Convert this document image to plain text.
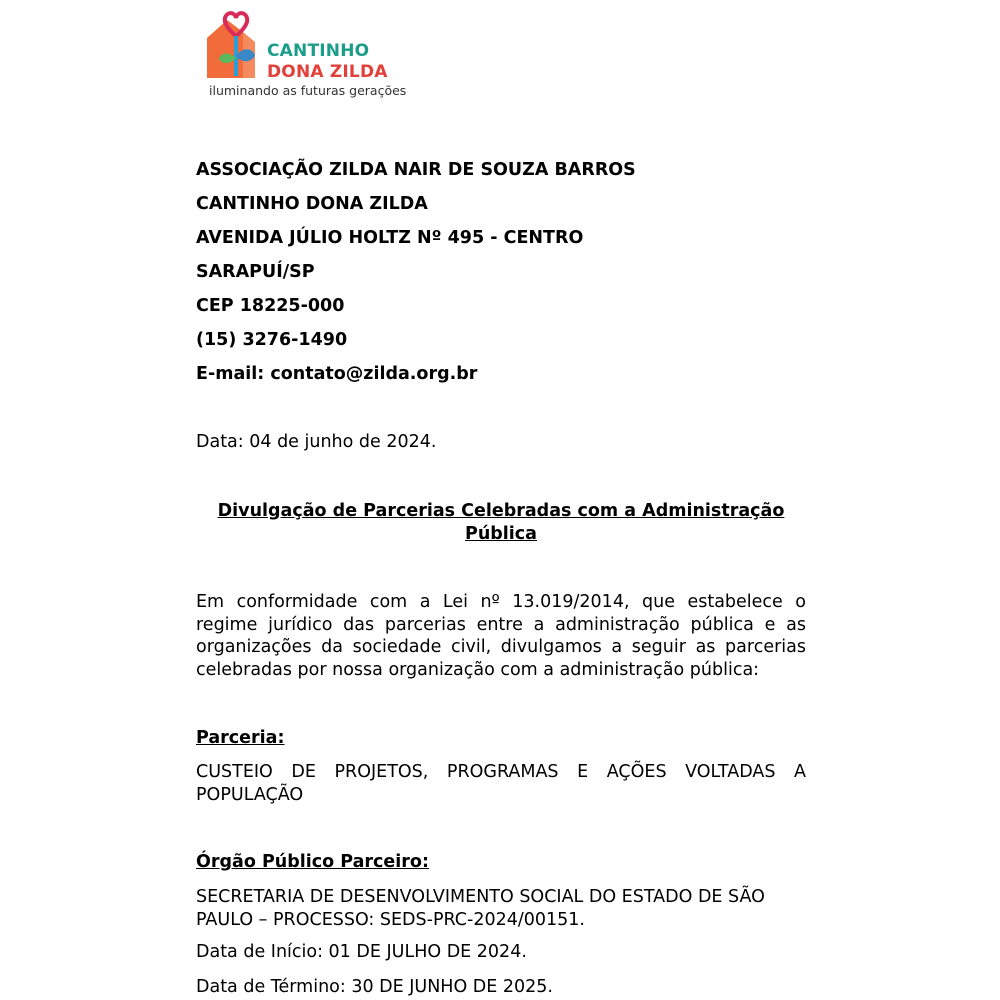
CANTINHO
DONA ZILDA
iluminando as futuras gerações
ASSOCIAÇÃO ZILDA NAIR DE SOUZA BARROS
CANTINHO DONA ZILDA
AVENIDA JÚLIO HOLTZ Nº 495 - CENTRO
SARAPUÍ/SP
CEP 18225-000
(15) 3276-1490
E-mail: contato@zilda.org.br
Data: 04 de junho de 2024.
Divulgação de Parcerias Celebradas com a Administração
Pública
Em conformidade com a Lei nº 13.019/2014, que estabelece o regime jurídico das parcerias entre a administração pública e as organizações da sociedade civil, divulgamos a seguir as parcerias celebradas por nossa organização com a administração pública:
Parceria:
CUSTEIO DE PROJETOS, PROGRAMAS E AÇÕES VOLTADAS A POPULAÇÃO
Órgão Público Parceiro:
SECRETARIA DE DESENVOLVIMENTO SOCIAL DO ESTADO DE SÃO PAULO – PROCESSO: SEDS-PRC-2024/00151.
Data de Início: 01 DE JULHO DE 2024.
Data de Término: 30 DE JUNHO DE 2025.
